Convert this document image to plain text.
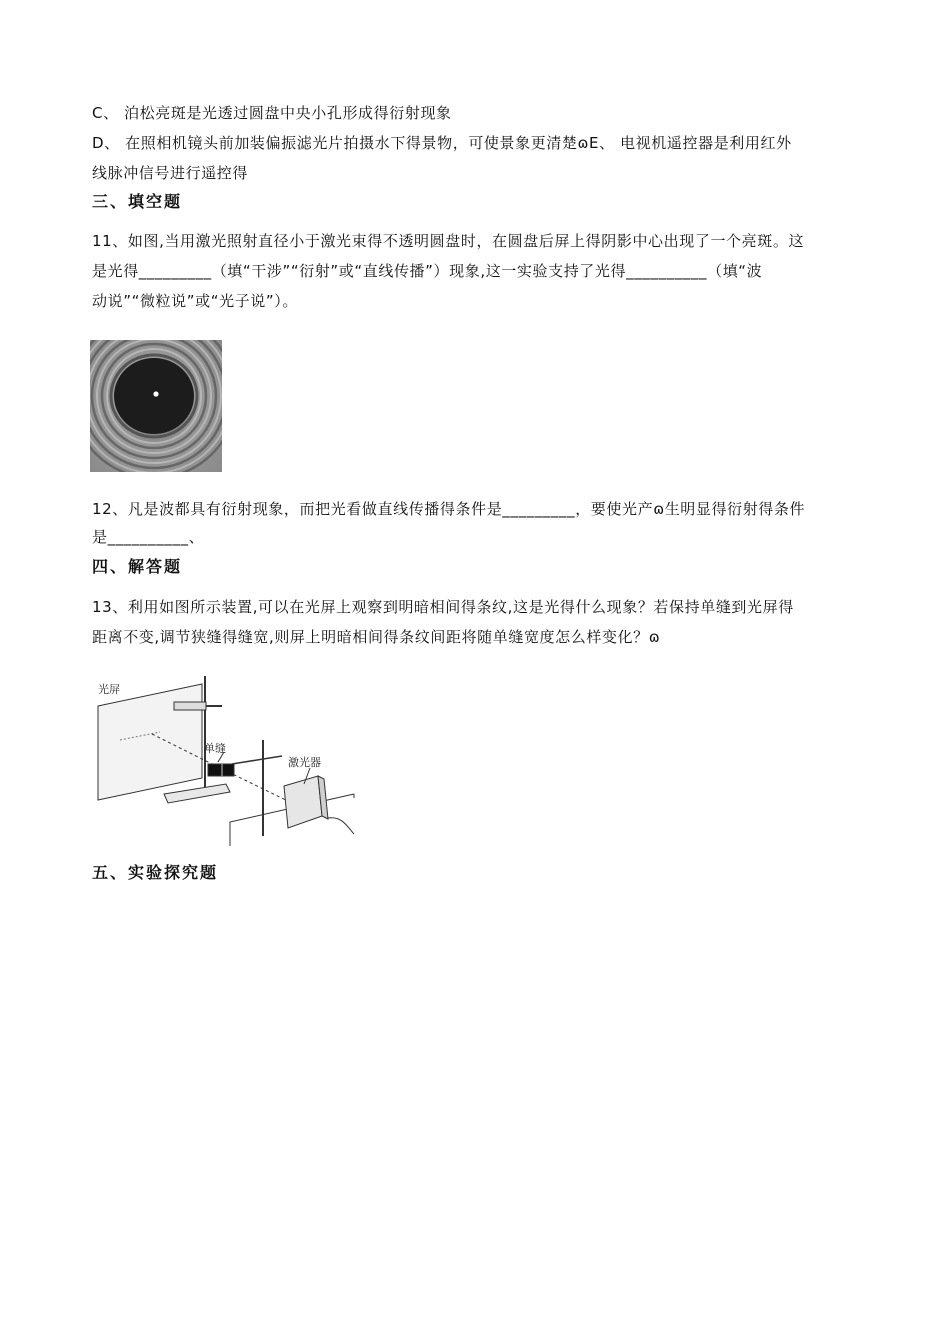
C、 泊松亮斑是光透过圆盘中央小孔形成得衍射现象
D、 在照相机镜头前加装偏振滤光片拍摄水下得景物，可使景象更清楚ɷE、 电视机遥控器是利用红外
线脉冲信号进行遥控得
三、填空题
11、如图,当用激光照射直径小于激光束得不透明圆盘时，在圆盘后屏上得阴影中心出现了一个亮斑。这
是光得_________（填“干涉”“衍射”或“直线传播”）现象,这一实验支持了光得__________（填“波
动说”“微粒说”或“光子说”）。
12、凡是波都具有衍射现象，而把光看做直线传播得条件是_________，要使光产ɷ生明显得衍射得条件
是__________、
四、解答题
13、利用如图所示装置,可以在光屏上观察到明暗相间得条纹,这是光得什么现象？若保持单缝到光屏得
距离不变,调节狭缝得缝宽,则屏上明暗相间得条纹间距将随单缝宽度怎么样变化？ɷ
光屏
单缝
激光器
五、实验探究题
